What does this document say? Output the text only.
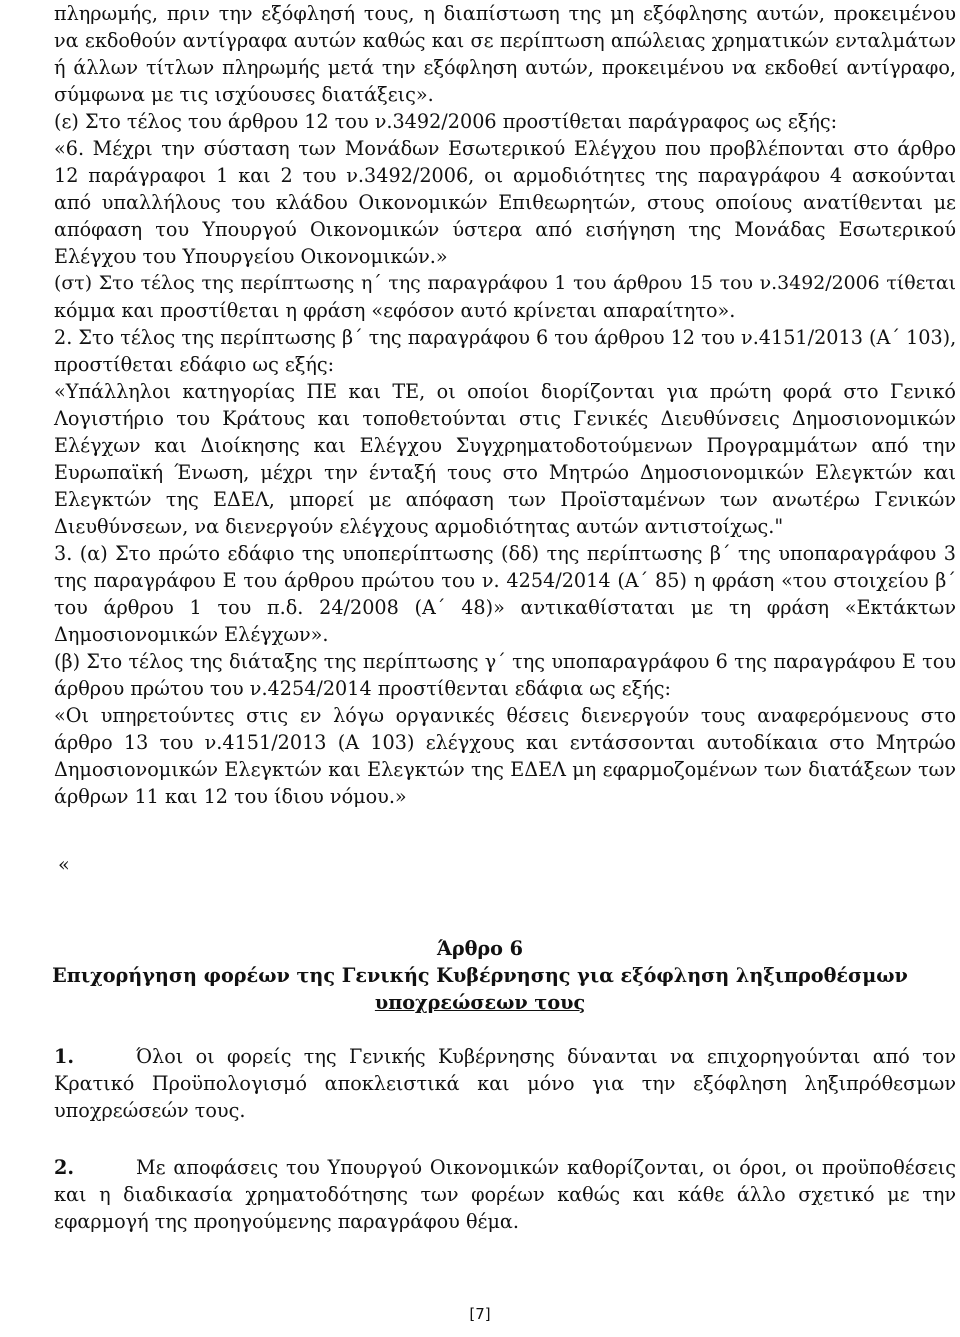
πληρωμής, πριν την εξόφλησή τους, η διαπίστωση της μη εξόφλησης αυτών, προκειμένου
να εκδοθούν αντίγραφα αυτών καθώς και σε περίπτωση απώλειας χρηματικών ενταλμάτων
ή άλλων τίτλων πληρωμής μετά την εξόφληση αυτών, προκειμένου να εκδοθεί αντίγραφο,
σύμφωνα με τις ισχύουσες διατάξεις».
(ε) Στο τέλος του άρθρου 12 του ν.3492/2006 προστίθεται παράγραφος ως εξής:
«6. Μέχρι την σύσταση των Μονάδων Εσωτερικού Ελέγχου που προβλέπονται στο άρθρο
12 παράγραφοι 1 και 2 του ν.3492/2006, οι αρμοδιότητες της παραγράφου 4 ασκούνται
από υπαλλήλους του κλάδου Οικονομικών Επιθεωρητών, στους οποίους ανατίθενται με
απόφαση του Υπουργού Οικονομικών ύστερα από εισήγηση της Μονάδας Εσωτερικού
Ελέγχου του Υπουργείου Οικονομικών.»
(στ) Στο τέλος της περίπτωσης η΄ της παραγράφου 1 του άρθρου 15 του ν.3492/2006 τίθεται
κόμμα και προστίθεται η φράση «εφόσον αυτό κρίνεται απαραίτητο».
2. Στο τέλος της περίπτωσης β΄ της παραγράφου 6 του άρθρου 12 του ν.4151/2013 (Α΄ 103),
προστίθεται εδάφιο ως εξής:
«Υπάλληλοι κατηγορίας ΠΕ και ΤΕ, οι οποίοι διορίζονται για πρώτη φορά στο Γενικό
Λογιστήριο του Κράτους και τοποθετούνται στις Γενικές Διευθύνσεις Δημοσιονομικών
Ελέγχων και Διοίκησης και Ελέγχου Συγχρηματοδοτούμενων Προγραμμάτων από την
Ευρωπαϊκή Ένωση, μέχρι την ένταξή τους στο Μητρώο Δημοσιονομικών Ελεγκτών και
Ελεγκτών της ΕΔΕΛ, μπορεί με απόφαση των Προϊσταμένων των ανωτέρω Γενικών
Διευθύνσεων, να διενεργούν ελέγχους αρμοδιότητας αυτών αντιστοίχως."
3. (α) Στο πρώτο εδάφιο της υποπερίπτωσης (δδ) της περίπτωσης β΄ της υποπαραγράφου 3
της παραγράφου Ε του άρθρου πρώτου του ν. 4254/2014 (Α΄ 85) η φράση «του στοιχείου β΄
του άρθρου 1 του π.δ. 24/2008 (Α΄ 48)» αντικαθίσταται με τη φράση «Εκτάκτων
Δημοσιονομικών Ελέγχων».
(β) Στο τέλος της διάταξης της περίπτωσης γ΄ της υποπαραγράφου 6 της παραγράφου Ε του
άρθρου πρώτου του ν.4254/2014 προστίθενται εδάφια ως εξής:
«Οι υπηρετούντες στις εν λόγω οργανικές θέσεις διενεργούν τους αναφερόμενους στο
άρθρο 13 του ν.4151/2013 (Α 103) ελέγχους και εντάσσονται αυτοδίκαια στο Μητρώο
Δημοσιονομικών Ελεγκτών και Ελεγκτών της ΕΔΕΛ μη εφαρμοζομένων των διατάξεων των
άρθρων 11 και 12 του ίδιου νόμου.»
«
Άρθρο 6
Επιχορήγηση φορέων της Γενικής Κυβέρνησης για εξόφληση ληξιπροθέσμων
υποχρεώσεων τους
1.	Όλοι οι φορείς της Γενικής Κυβέρνησης δύνανται να επιχορηγούνται από τον
Κρατικό Προϋπολογισμό αποκλειστικά και μόνο για την εξόφληση ληξιπρόθεσμων
υποχρεώσεών τους.
2.	Με αποφάσεις του Υπουργού Οικονομικών καθορίζονται, οι όροι, οι προϋποθέσεις
και η διαδικασία χρηματοδότησης των φορέων καθώς και κάθε άλλο σχετικό με την
εφαρμογή της προηγούμενης παραγράφου θέμα.
[7]
